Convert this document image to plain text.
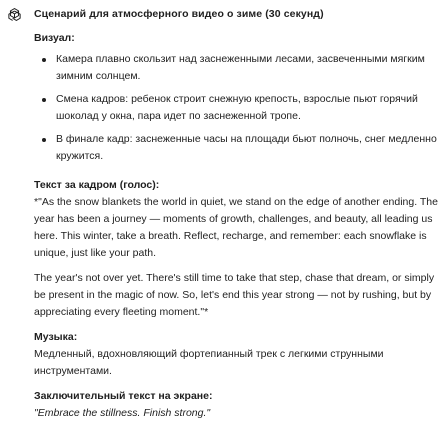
Сценарий для атмосферного видео о зиме (30 секунд)
Визуал:
Камера плавно скользит над заснеженными лесами, засвеченными мягким зимним солнцем.
Смена кадров: ребенок строит снежную крепость, взрослые пьют горячий шоколад у окна, пара идет по заснеженной тропе.
В финале кадр: заснеженные часы на площади бьют полночь, снег медленно кружится.
Текст за кадром (голос):

*"As the snow blankets the world in quiet, we stand on the edge of another ending. The year has been a journey — moments of growth, challenges, and beauty, all leading us here. This winter, take a breath. Reflect, recharge, and remember: each snowflake is unique, just like your path.

The year's not over yet. There's still time to take that step, chase that dream, or simply be present in the magic of now. So, let's end this year strong — not by rushing, but by appreciating every fleeting moment."*

Музыка:

Медленный, вдохновляющий фортепианный трек с легкими струнными инструментами.

Заключительный текст на экране:

"Embrace the stillness. Finish strong."
